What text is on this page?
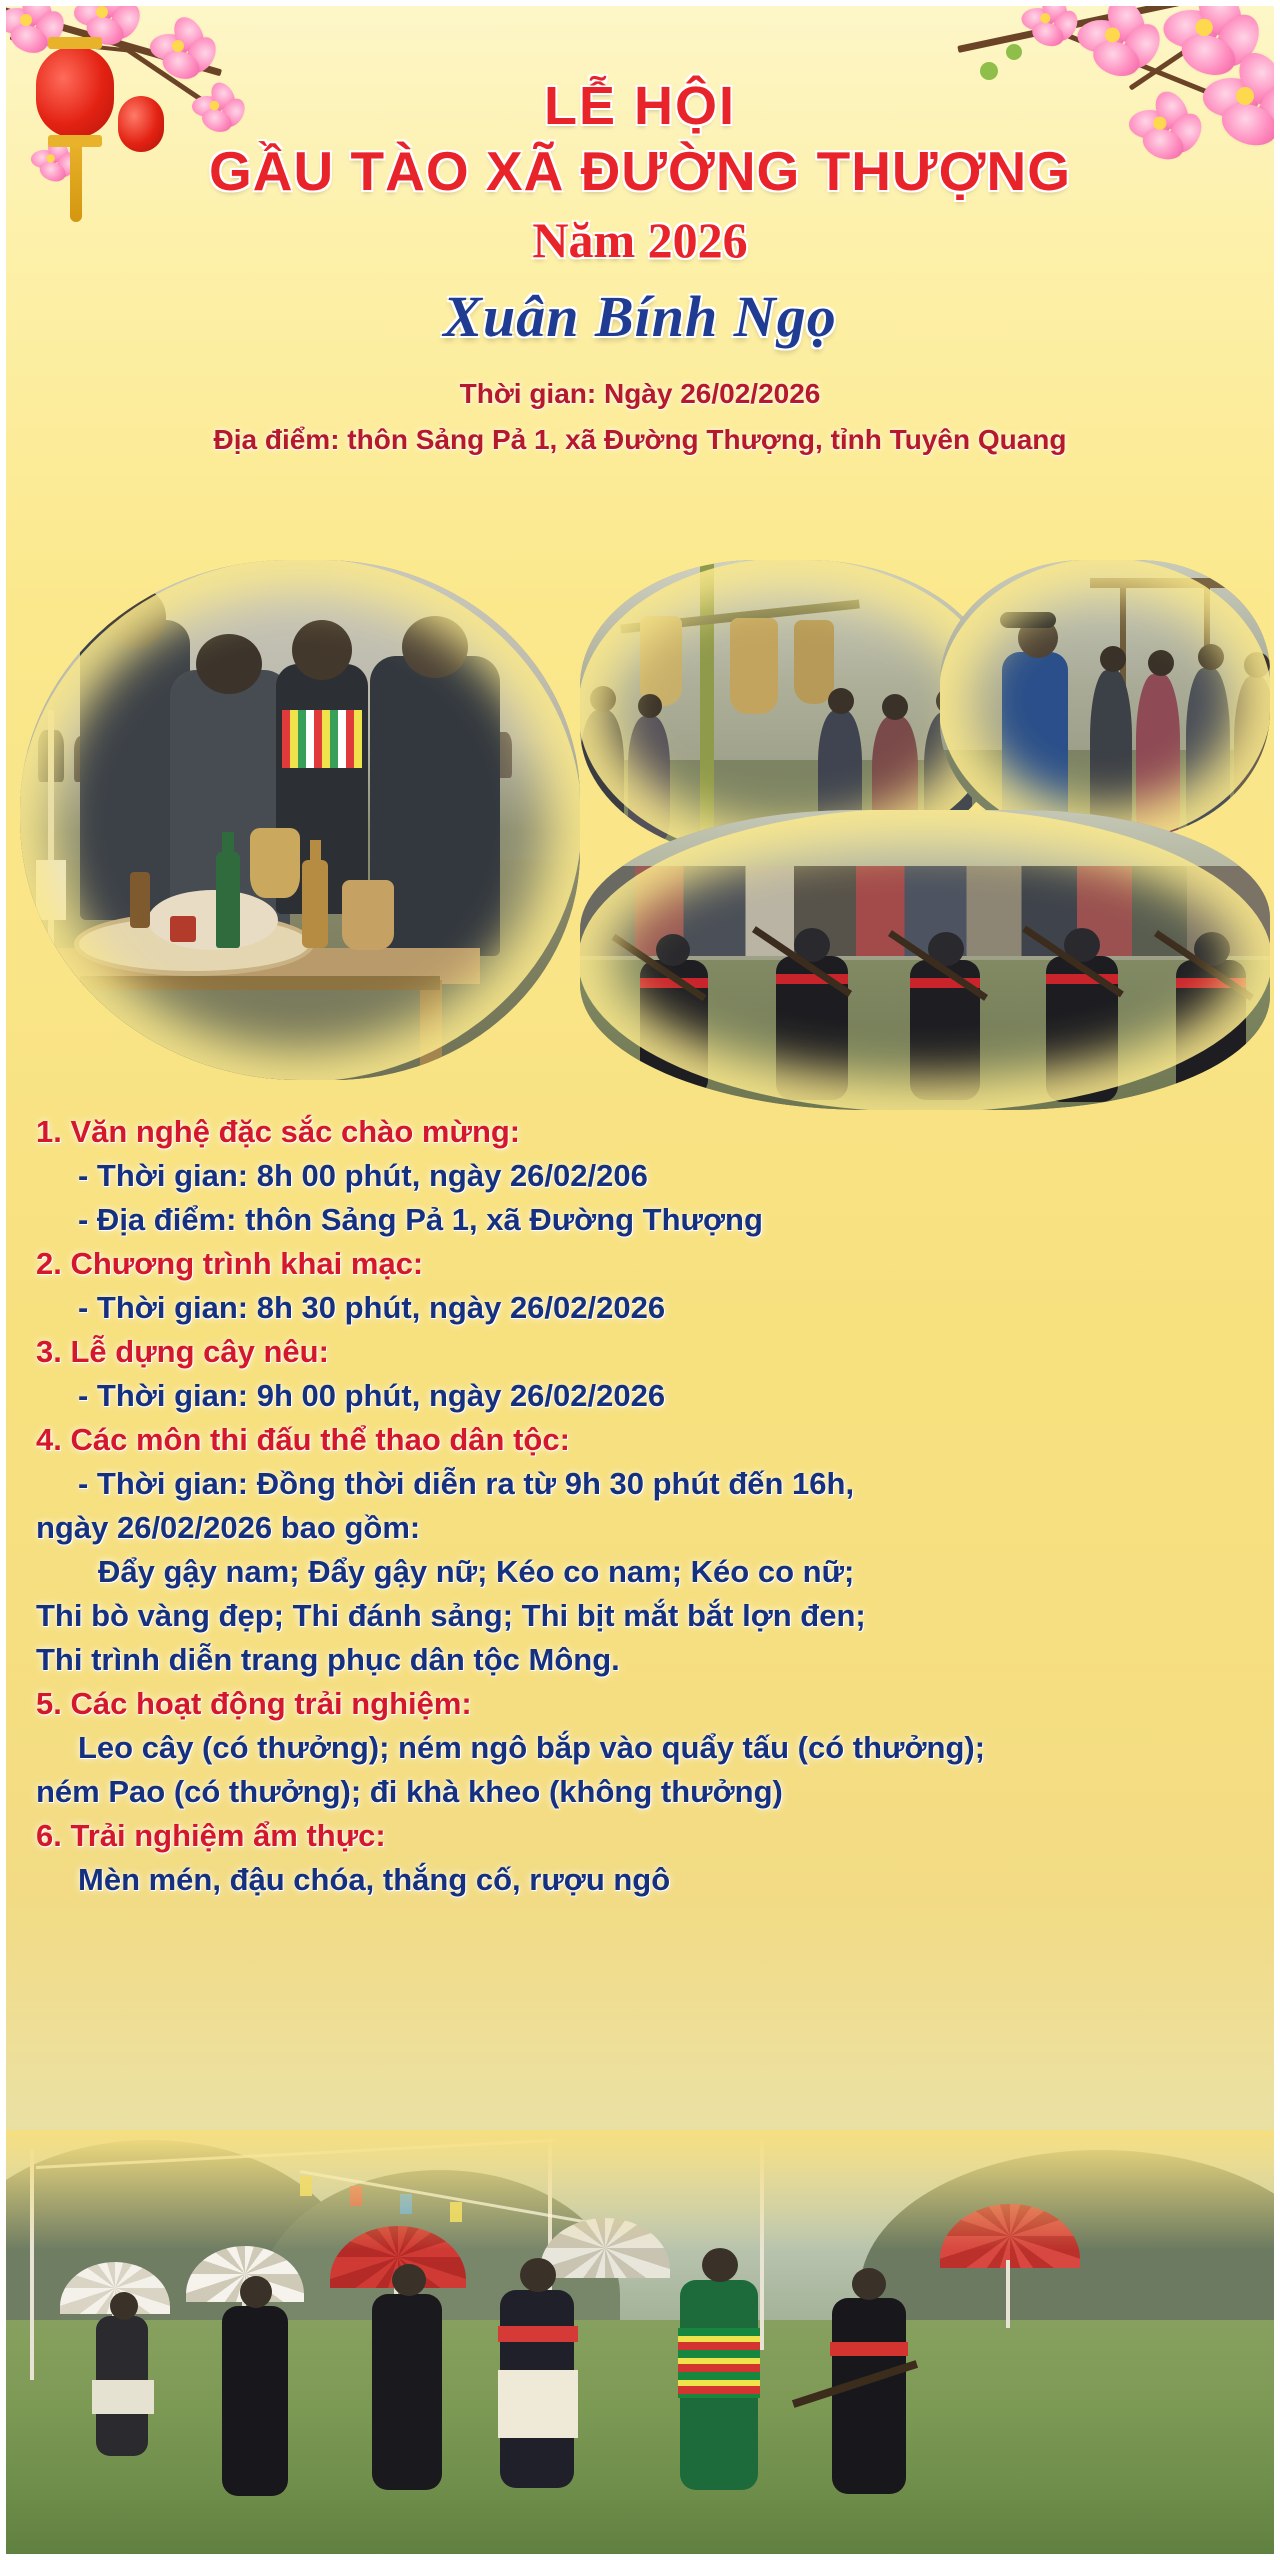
LỄ HỘI
GẦU TÀO XÃ ĐƯỜNG THƯỢNG
Năm 2026
Xuân Bính Ngọ
Thời gian: Ngày 26/02/2026
Địa điểm: thôn Sảng Pả 1, xã Đường Thượng, tỉnh Tuyên Quang
1. Văn nghệ đặc sắc chào mừng:
- Thời gian: 8h 00 phút, ngày 26/02/206
- Địa điểm: thôn Sảng Pả 1, xã Đường Thượng
2. Chương trình khai mạc:
- Thời gian: 8h 30 phút, ngày 26/02/2026
3. Lễ dựng cây nêu:
- Thời gian: 9h 00 phút, ngày 26/02/2026
4. Các môn thi đấu thể thao dân tộc:
- Thời gian: Đồng thời diễn ra từ 9h 30 phút đến 16h,
ngày 26/02/2026 bao gồm:
Đẩy gậy nam; Đẩy gậy nữ; Kéo co nam; Kéo co nữ;
Thi bò vàng đẹp; Thi đánh sảng; Thi bịt mắt bắt lợn đen;
Thi trình diễn trang phục dân tộc Mông.
5. Các hoạt động trải nghiệm:
Leo cây (có thưởng); ném ngô bắp vào quẩy tấu (có thưởng);
ném Pao (có thưởng); đi khà kheo (không thưởng)
6. Trải nghiệm ẩm thực:
Mèn mén, đậu chóa, thắng cố, rượu ngô
